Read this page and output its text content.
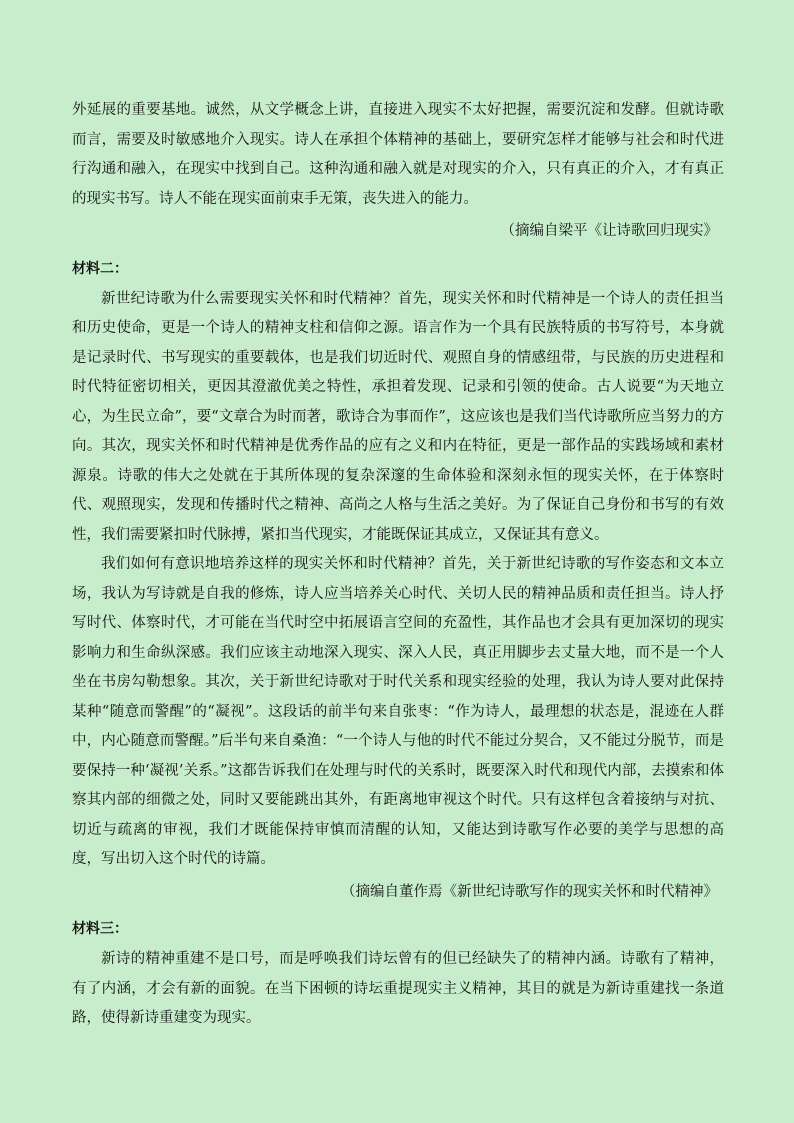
外延展的重要基地。诚然，从文学概念上讲，直接进入现实不太好把握，需要沉淀和发酵。但就诗歌而言，需要及时敏感地介入现实。诗人在承担个体精神的基础上，要研究怎样才能够与社会和时代进行沟通和融入，在现实中找到自己。这种沟通和融入就是对现实的介入，只有真正的介入，才有真正的现实书写。诗人不能在现实面前束手无策，丧失进入的能力。

（摘编自梁平《让诗歌回归现实》
材料二：

新世纪诗歌为什么需要现实关怀和时代精神？首先，现实关怀和时代精神是一个诗人的责任担当和历史使命，更是一个诗人的精神支柱和信仰之源。语言作为一个具有民族特质的书写符号，本身就是记录时代、书写现实的重要载体，也是我们切近时代、观照自身的情感纽带，与民族的历史进程和时代特征密切相关，更因其澄澈优美之特性，承担着发现、记录和引领的使命。古人说要“为天地立心，为生民立命”，要“文章合为时而著，歌诗合为事而作”，这应该也是我们当代诗歌所应当努力的方向。其次，现实关怀和时代精神是优秀作品的应有之义和内在特征，更是一部作品的实践场域和素材源泉。诗歌的伟大之处就在于其所体现的复杂深邃的生命体验和深刻永恒的现实关怀，在于体察时代、观照现实，发现和传播时代之精神、高尚之人格与生活之美好。为了保证自己身份和书写的有效性，我们需要紧扣时代脉搏，紧扣当代现实，才能既保证其成立，又保证其有意义。

我们如何有意识地培养这样的现实关怀和时代精神？首先，关于新世纪诗歌的写作姿态和文本立场，我认为写诗就是自我的修炼，诗人应当培养关心时代、关切人民的精神品质和责任担当。诗人抒写时代、体察时代，才可能在当代时空中拓展语言空间的充盈性，其作品也才会具有更加深切的现实影响力和生命纵深感。我们应该主动地深入现实、深入人民，真正用脚步去丈量大地，而不是一个人坐在书房勾勒想象。其次，关于新世纪诗歌对于时代关系和现实经验的处理，我认为诗人要对此保持某种“随意而警醒”的“凝视”。这段话的前半句来自张枣：“作为诗人，最理想的状态是，混迹在人群中，内心随意而警醒。”后半句来自桑渔：“一个诗人与他的时代不能过分契合，又不能过分脱节，而是要保持一种‘凝视’关系。”这都告诉我们在处理与时代的关系时，既要深入时代和现代内部，去摸索和体察其内部的细微之处，同时又要能跳出其外，有距离地审视这个时代。只有这样包含着接纳与对抗、切近与疏离的审视，我们才既能保持审慎而清醒的认知，又能达到诗歌写作必要的美学与思想的高度，写出切入这个时代的诗篇。

（摘编自董作焉《新世纪诗歌写作的现实关怀和时代精神》
材料三：

新诗的精神重建不是口号，而是呼唤我们诗坛曾有的但已经缺失了的精神内涵。诗歌有了精神，有了内涵，才会有新的面貌。在当下困顿的诗坛重提现实主义精神，其目的就是为新诗重建找一条道路，使得新诗重建变为现实。
